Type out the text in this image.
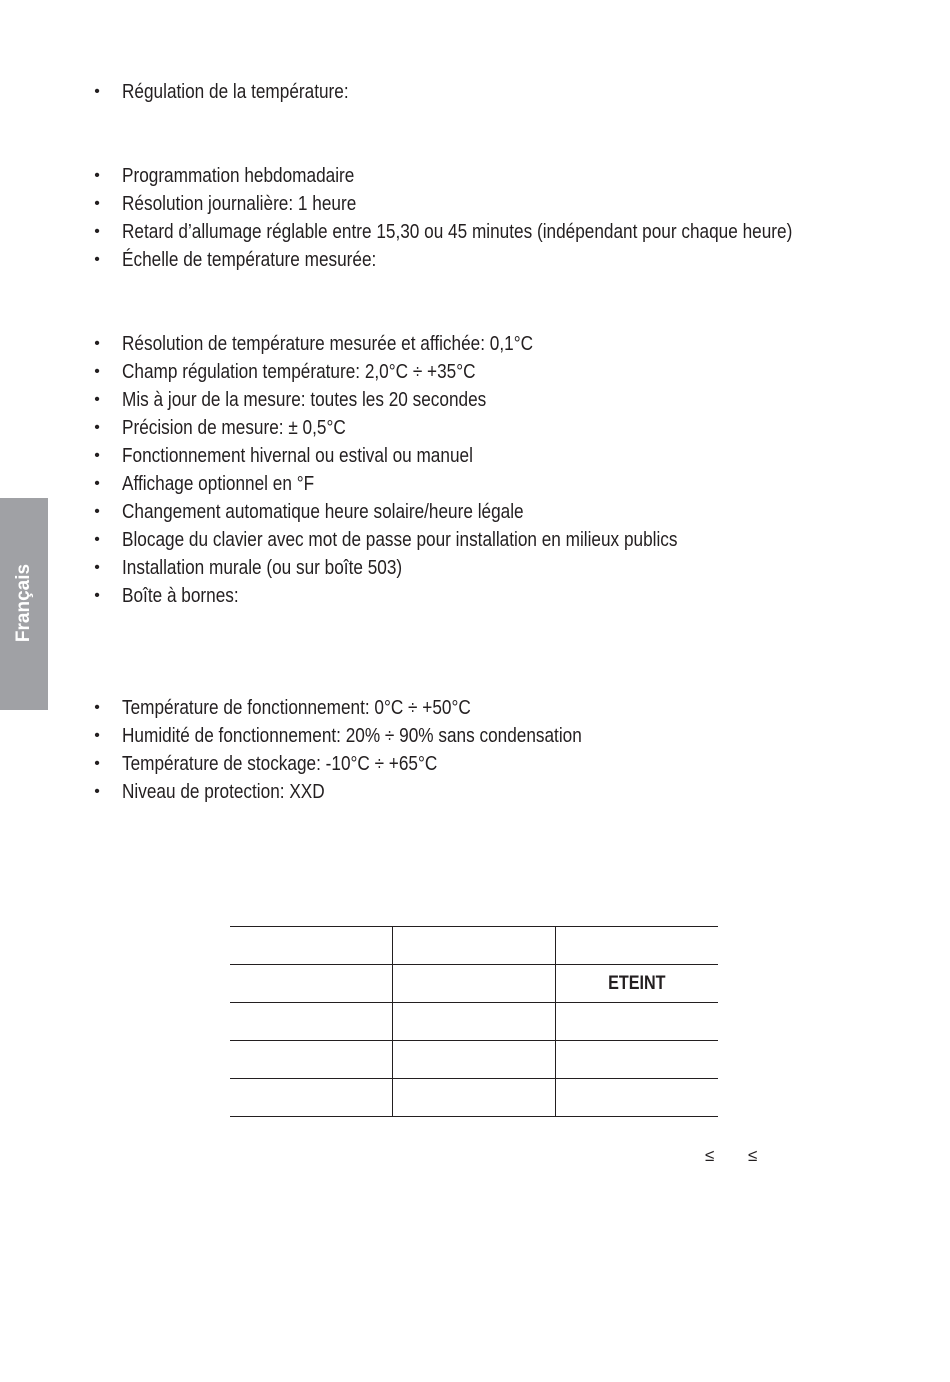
Français
• Régulation de la température:
• Programmation hebdomadaire
• Résolution journalière: 1 heure
• Retard d’allumage réglable entre 15,30 ou 45 minutes (indépendant pour chaque heure)
• Échelle de température mesurée:
• Résolution de température mesurée et affichée: 0,1°C
• Champ régulation température: 2,0°C ÷ +35°C
• Mis à jour de la mesure: toutes les 20 secondes
• Précision de mesure: ± 0,5°C
• Fonctionnement hivernal ou estival ou manuel
• Affichage optionnel en °F
• Changement automatique heure solaire/heure légale
• Blocage du clavier avec mot de passe pour installation en milieux publics
• Installation murale (ou sur boîte 503)
• Boîte à bornes:
• Température de fonctionnement: 0°C ÷ +50°C
• Humidité de fonctionnement: 20% ÷ 90% sans condensation
• Température de stockage: -10°C ÷ +65°C
• Niveau de protection: XXD

		ETEINT

≤ ≤
